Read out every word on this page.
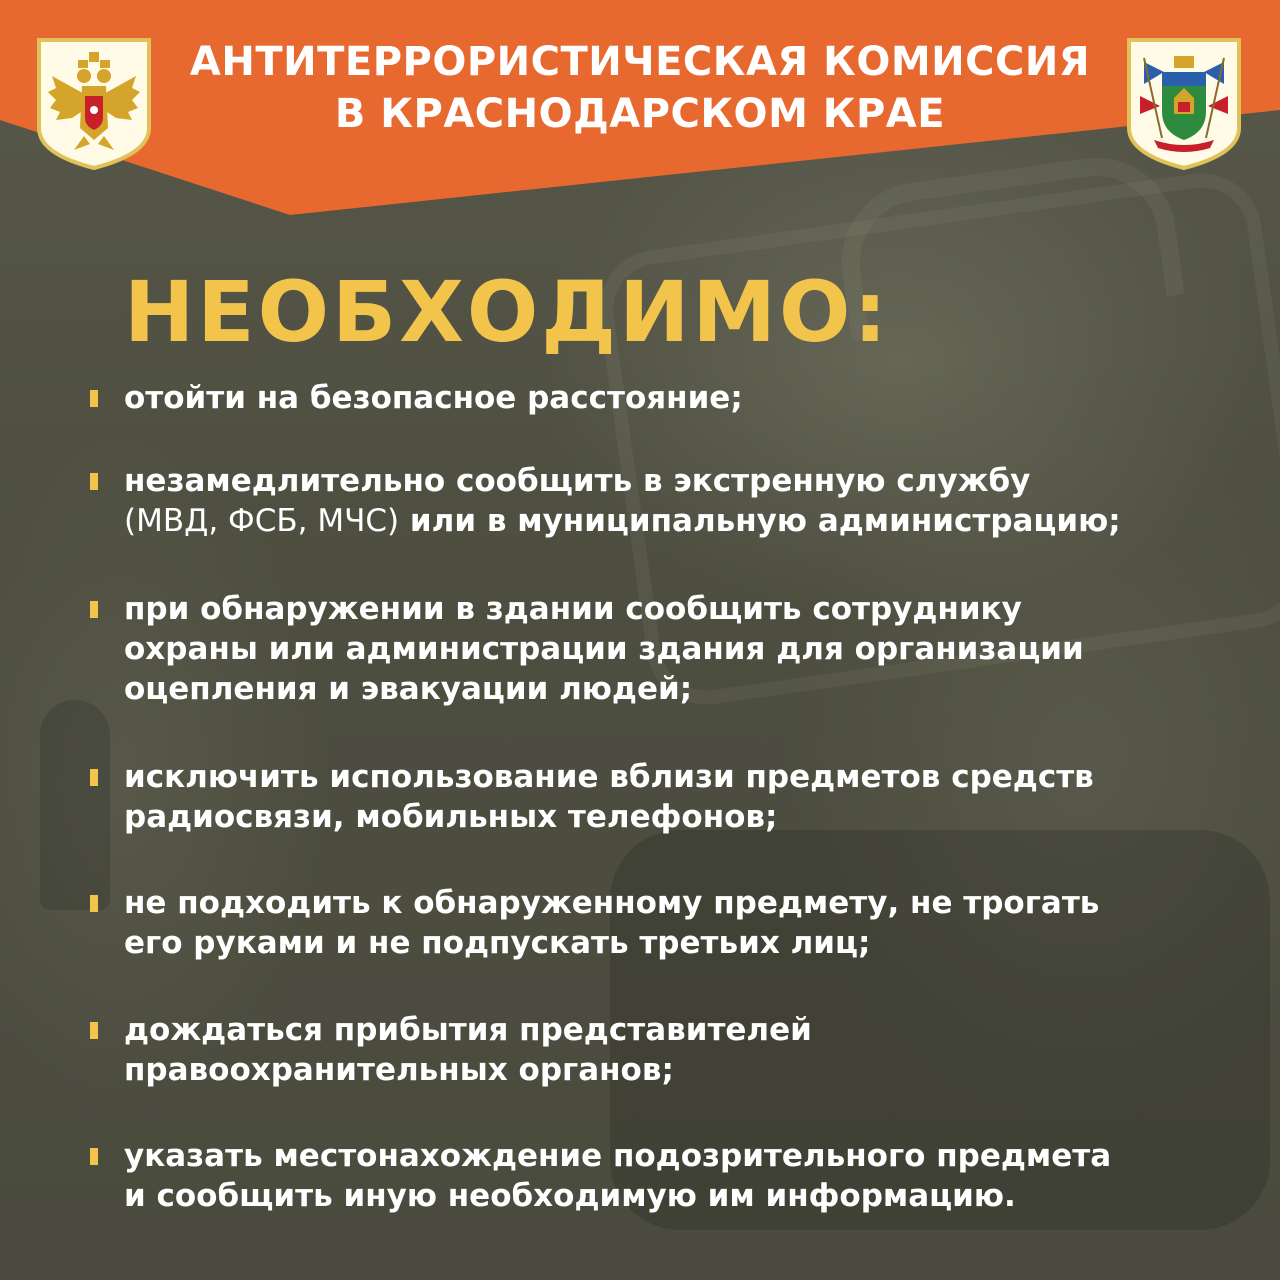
АНТИТЕРРОРИСТИЧЕСКАЯ КОМИССИЯ
В КРАСНОДАРСКОМ КРАЕ
НЕОБХОДИМО:
отойти на безопасное расстояние;
незамедлительно сообщить в экстренную службу
(МВД, ФСБ, МЧС) или в муниципальную администрацию;
при обнаружении в здании сообщить сотруднику
охраны или администрации здания для организации
оцепления и эвакуации людей;
исключить использование вблизи предметов средств
радиосвязи, мобильных телефонов;
не подходить к обнаруженному предмету, не трогать
его руками и не подпускать третьих лиц;
дождаться прибытия представителей
правоохранительных органов;
указать местонахождение подозрительного предмета
и сообщить иную необходимую им информацию.
